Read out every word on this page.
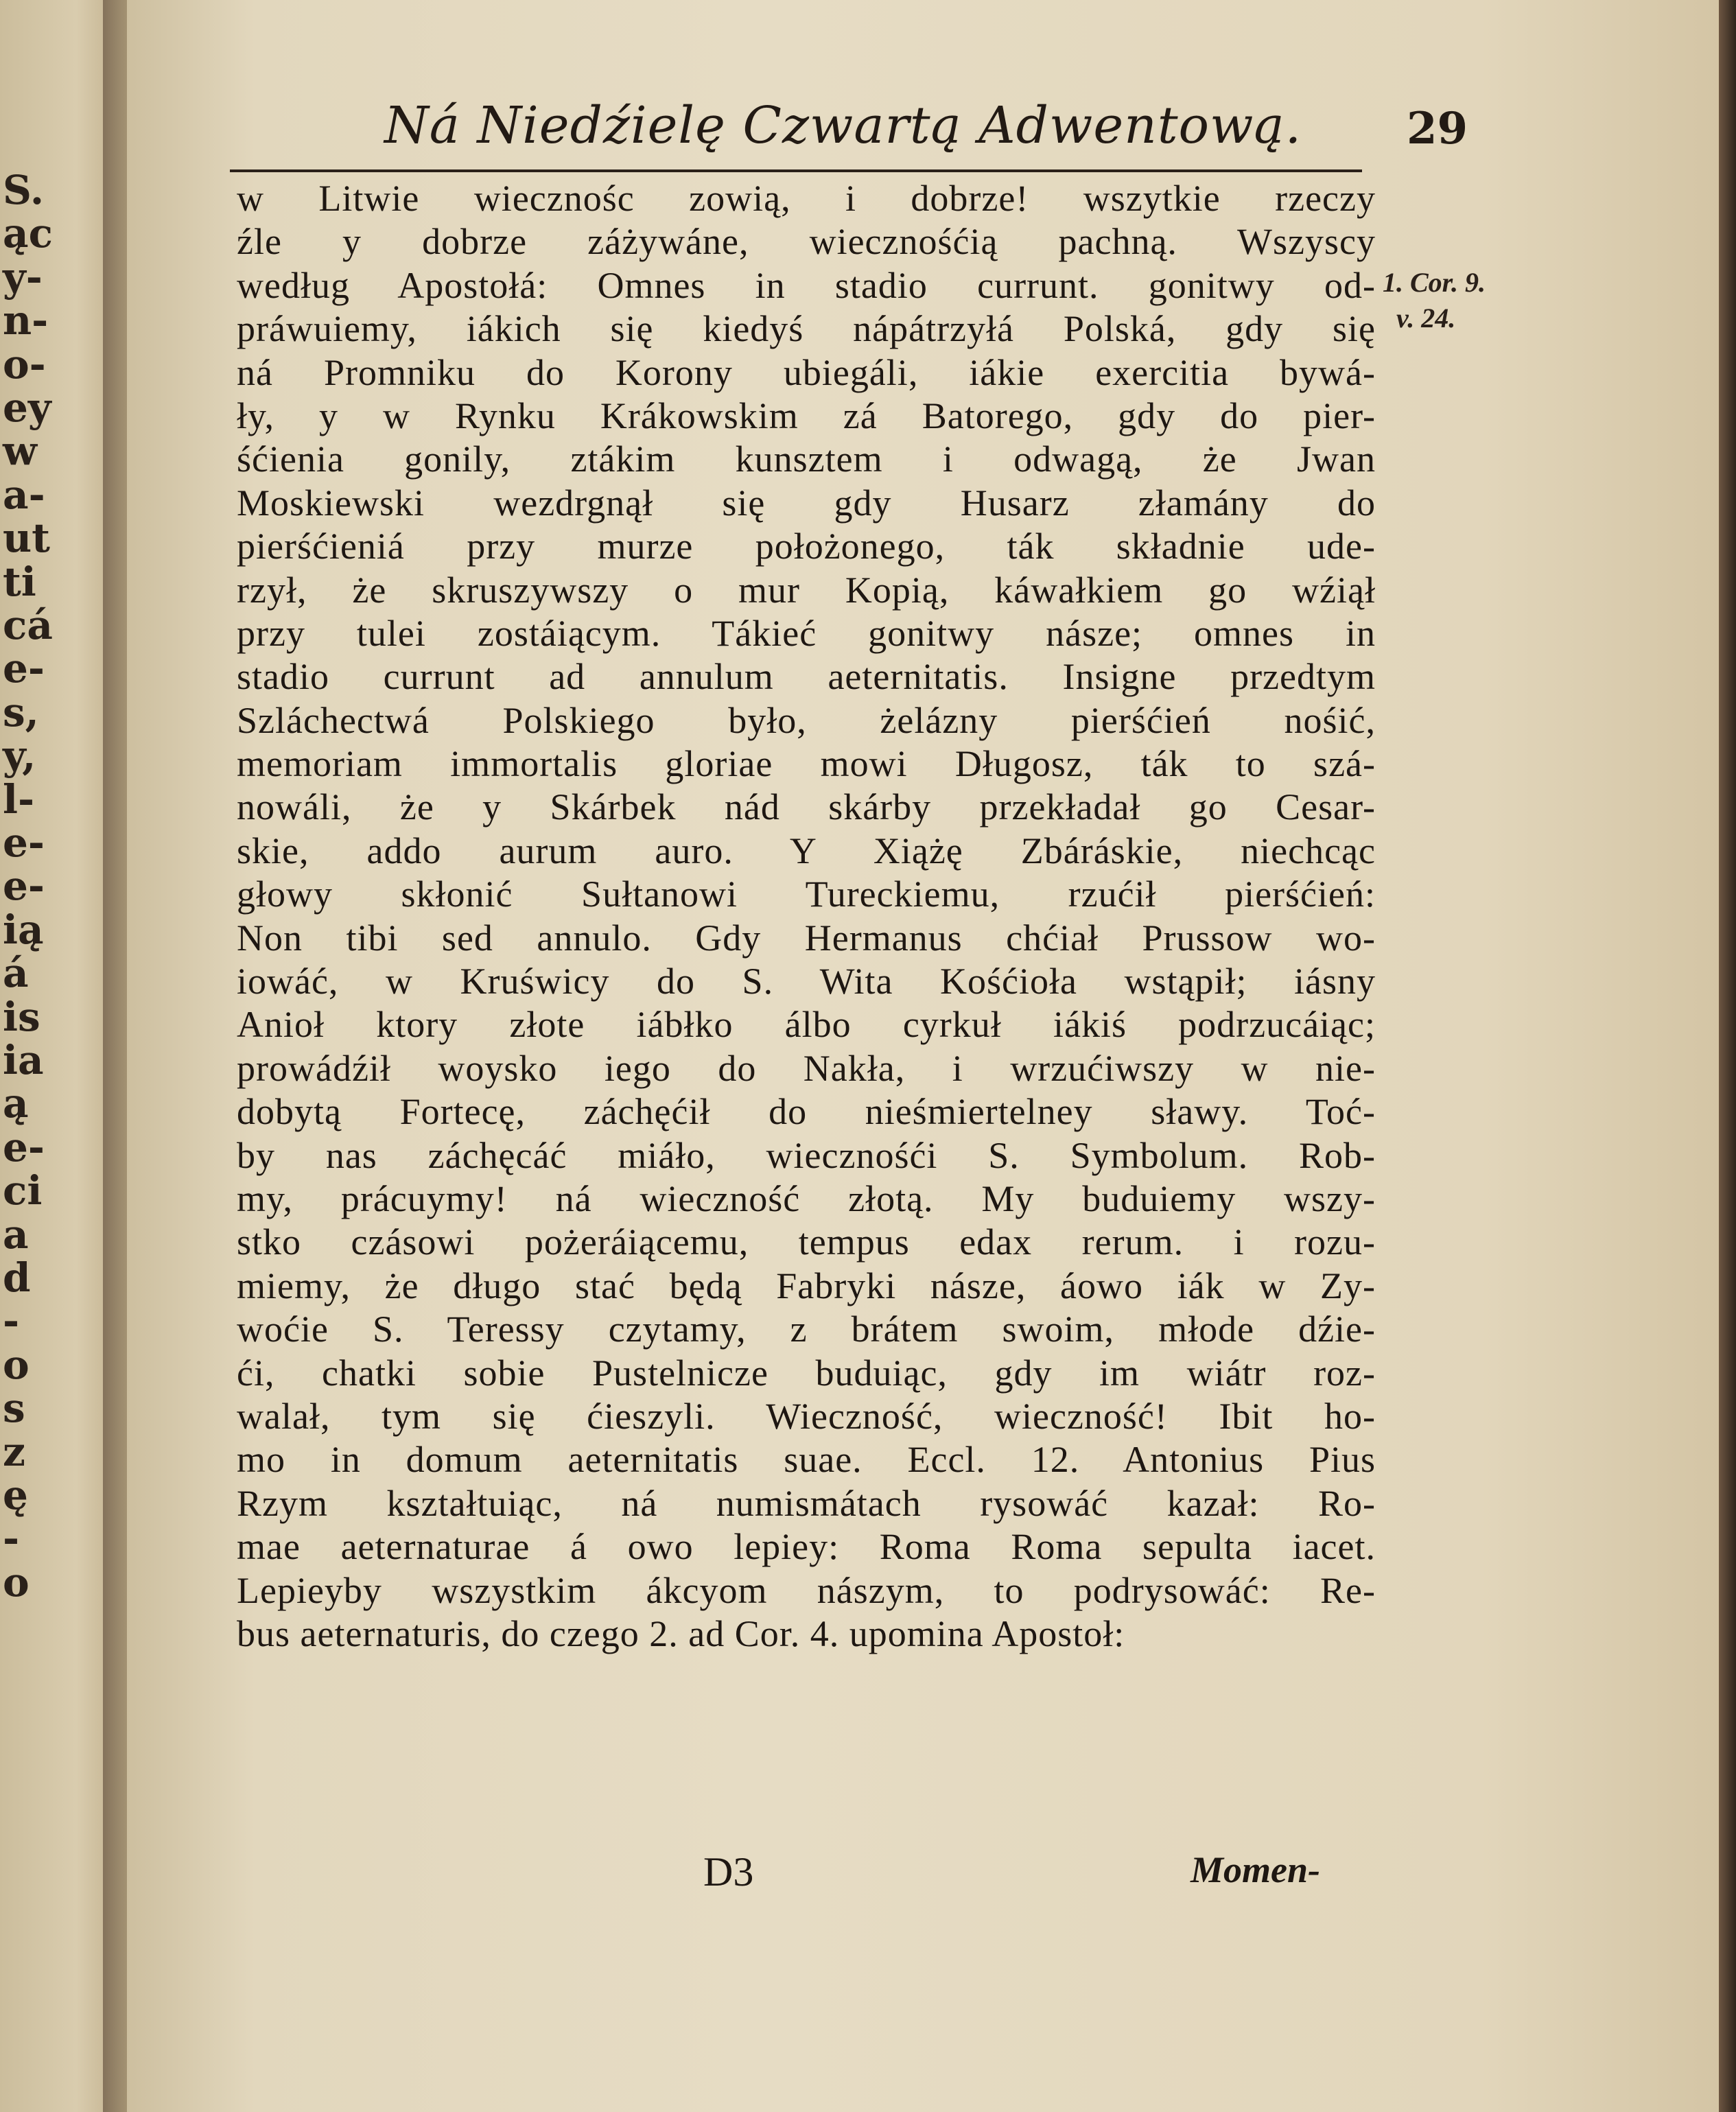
S.
ąc
y-
n-
o-
ey
w
a-
ut
ti
cá
e-
s,
y,
l-
e-
e-
ią
á
is
ia
ą
e-
ci
a
d
-
o
s
z
ę
-
o
Ná Niedźielę Czwartą Adwentową. 29
w Litwie wiecznośc zowią, i dobrze! wszytkie rzeczy
źle y dobrze záżywáne, wiecznośćią pachną. Wszyscy
według Apostołá: Omnes in stadio currunt. gonitwy od-
práwuiemy, iákich się kiedyś nápátrzyłá Polská, gdy się
ná Promniku do Korony ubiegáli, iákie exercitia bywá-
ły, y w Rynku Krákowskim zá Batorego, gdy do pier-
śćienia gonily, ztákim kunsztem i odwagą, że Jwan
Moskiewski wezdrgnął się gdy Husarz złamány do
pierśćieniá przy murze położonego, ták składnie ude-
rzył, że skruszywszy o mur Kopią, káwałkiem go wźiął
przy tulei zostáiącym. Tákieć gonitwy násze; omnes in
stadio currunt ad annulum aeternitatis. Insigne przedtym
Szláchectwá Polskiego było, żelázny pierśćień nośić,
memoriam immortalis gloriae mowi Długosz, ták to szá-
nowáli, że y Skárbek nád skárby przekładał go Cesar-
skie, addo aurum auro. Y Xiążę Zbáráskie, niechcąc
głowy skłonić Sułtanowi Tureckiemu, rzućił pierśćień:
Non tibi sed annulo. Gdy Hermanus chćiał Prussow wo-
iowáć, w Kruświcy do S. Wita Kośćioła wstąpił; iásny
Anioł ktory złote iábłko álbo cyrkuł iákiś podrzucáiąc;
prowádźił woysko iego do Nakła, i wrzućiwszy w nie-
dobytą Fortecę, záchęćił do nieśmiertelney sławy. Toć-
by nas záchęcáć miáło, wiecznośći S. Symbolum. Rob-
my, prácuymy! ná wieczność złotą. My buduiemy wszy-
stko czásowi pożeráiącemu, tempus edax rerum. i rozu-
miemy, że długo stać będą Fabryki násze, áowo iák w Zy-
woćie S. Teressy czytamy, z brátem swoim, młode dźie-
ći, chatki sobie Pustelnicze buduiąc, gdy im wiátr roz-
walał, tym się ćieszyli. Wieczność, wieczność! Ibit ho-
mo in domum aeternitatis suae. Eccl. 12. Antonius Pius
Rzym kształtuiąc, ná numismátach rysowáć kazał: Ro-
mae aeternaturae á owo lepiey: Roma Roma sepulta iacet.
Lepieyby wszystkim ákcyom nászym, to podrysowáć: Re-
bus aeternaturis, do czego 2. ad Cor. 4. upomina Apostoł:
1. Cor. 9.
v. 24.
D3	Momen-
